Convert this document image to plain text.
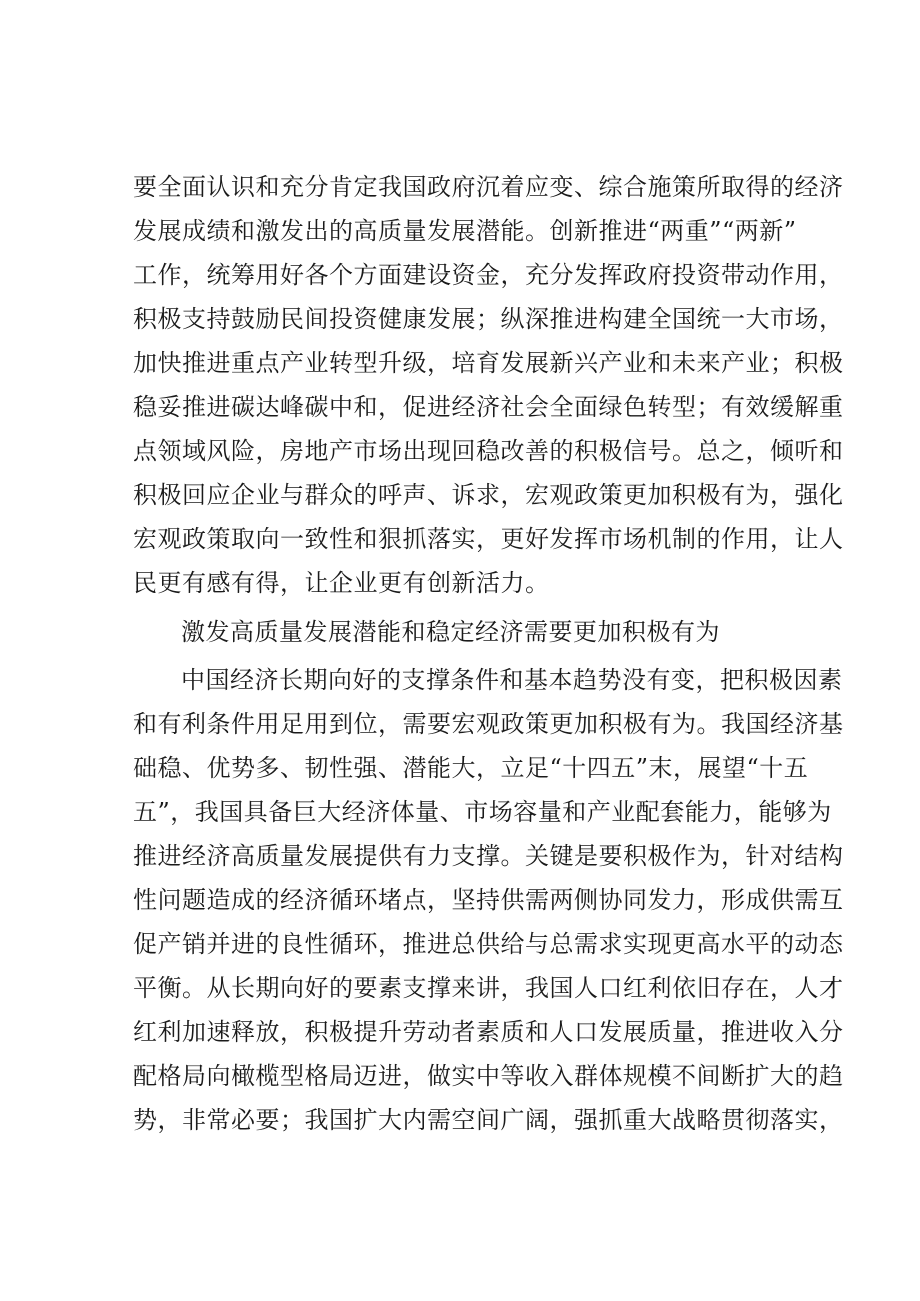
要全面认识和充分肯定我国政府沉着应变、综合施策所取得的经济

发展成绩和激发出的高质量发展潜能。创新推进“两重”“两新”

工作，统筹用好各个方面建设资金，充分发挥政府投资带动作用，

积极支持鼓励民间投资健康发展；纵深推进构建全国统一大市场，

加快推进重点产业转型升级，培育发展新兴产业和未来产业；积极

稳妥推进碳达峰碳中和，促进经济社会全面绿色转型；有效缓解重

点领域风险，房地产市场出现回稳改善的积极信号。总之，倾听和

积极回应企业与群众的呼声、诉求，宏观政策更加积极有为，强化

宏观政策取向一致性和狠抓落实，更好发挥市场机制的作用，让人

民更有感有得，让企业更有创新活力。

激发高质量发展潜能和稳定经济需要更加积极有为

中国经济长期向好的支撑条件和基本趋势没有变，把积极因素

和有利条件用足用到位，需要宏观政策更加积极有为。我国经济基

础稳、优势多、韧性强、潜能大，立足“十四五”末，展望“十五

五”，我国具备巨大经济体量、市场容量和产业配套能力，能够为

推进经济高质量发展提供有力支撑。关键是要积极作为，针对结构

性问题造成的经济循环堵点，坚持供需两侧协同发力，形成供需互

促产销并进的良性循环，推进总供给与总需求实现更高水平的动态

平衡。从长期向好的要素支撑来讲，我国人口红利依旧存在，人才

红利加速释放，积极提升劳动者素质和人口发展质量，推进收入分

配格局向橄榄型格局迈进，做实中等收入群体规模不间断扩大的趋

势，非常必要；我国扩大内需空间广阔，强抓重大战略贯彻落实，
